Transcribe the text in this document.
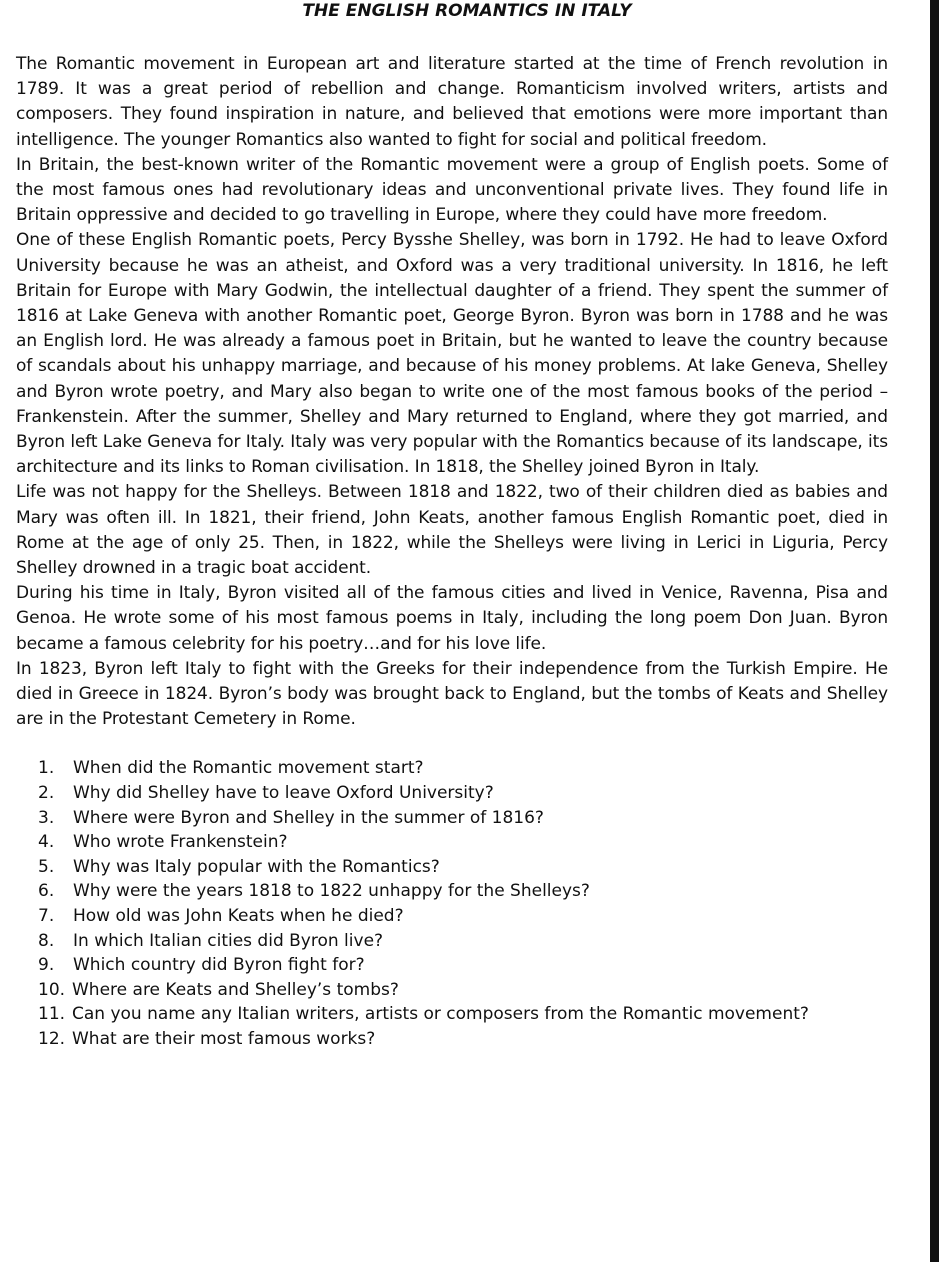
THE ENGLISH ROMANTICS IN ITALY

The Romantic movement in European art and literature started at the time of French revolution in 1789. It was a great period of rebellion and change. Romanticism involved writers, artists and composers. They found inspiration in nature, and believed that emotions were more important than intelligence. The younger Romantics also wanted to fight for social and political freedom.

In Britain, the best-known writer of the Romantic movement were a group of English poets. Some of the most famous ones had revolutionary ideas and unconventional private lives. They found life in Britain oppressive and decided to go travelling in Europe, where they could have more freedom.

One of these English Romantic poets, Percy Bysshe Shelley, was born in 1792. He had to leave Oxford University because he was an atheist, and Oxford was a very traditional university. In 1816, he left Britain for Europe with Mary Godwin, the intellectual daughter of a friend. They spent the summer of 1816 at Lake Geneva with another Romantic poet, George Byron. Byron was born in 1788 and he was an English lord. He was already a famous poet in Britain, but he wanted to leave the country because of scandals about his unhappy marriage, and because of his money problems. At lake Geneva, Shelley and Byron wrote poetry, and Mary also began to write one of the most famous books of the period – Frankenstein. After the summer, Shelley and Mary returned to England, where they got married, and Byron left Lake Geneva for Italy. Italy was very popular with the Romantics because of its landscape, its architecture and its links to Roman civilisation. In 1818, the Shelley joined Byron in Italy.

Life was not happy for the Shelleys. Between 1818 and 1822, two of their children died as babies and Mary was often ill. In 1821, their friend, John Keats, another famous English Romantic poet, died in Rome at the age of only 25. Then, in 1822, while the Shelleys were living in Lerici in Liguria, Percy Shelley drowned in a tragic boat accident.

During his time in Italy, Byron visited all of the famous cities and lived in Venice, Ravenna, Pisa and Genoa. He wrote some of his most famous poems in Italy, including the long poem Don Juan. Byron became a famous celebrity for his poetry…and for his love life.

In 1823, Byron left Italy to fight with the Greeks for their independence from the Turkish Empire. He died in Greece in 1824. Byron’s body was brought back to England, but the tombs of Keats and Shelley are in the Protestant Cemetery in Rome.

1.	When did the Romantic movement start?
2.	Why did Shelley have to leave Oxford University?
3.	Where were Byron and Shelley in the summer of 1816?
4.	Who wrote Frankenstein?
5.	Why was Italy popular with the Romantics?
6.	Why were the years 1818 to 1822 unhappy for the Shelleys?
7.	How old was John Keats when he died?
8.	In which Italian cities did Byron live?
9.	Which country did Byron fight for?
10. Where are Keats and Shelley’s tombs?
11. Can you name any Italian writers, artists or composers from the Romantic movement?
12. What are their most famous works?
